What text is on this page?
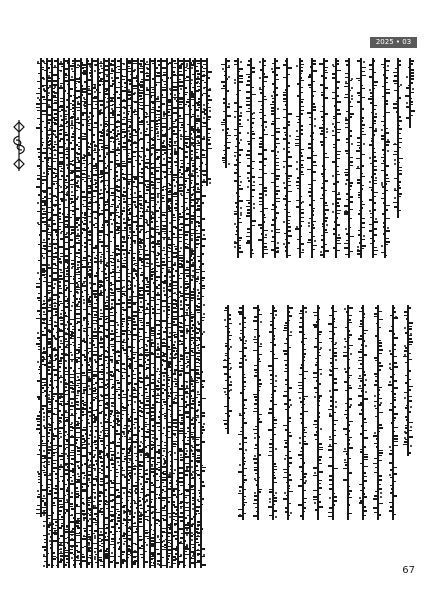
2025 • 03
67
